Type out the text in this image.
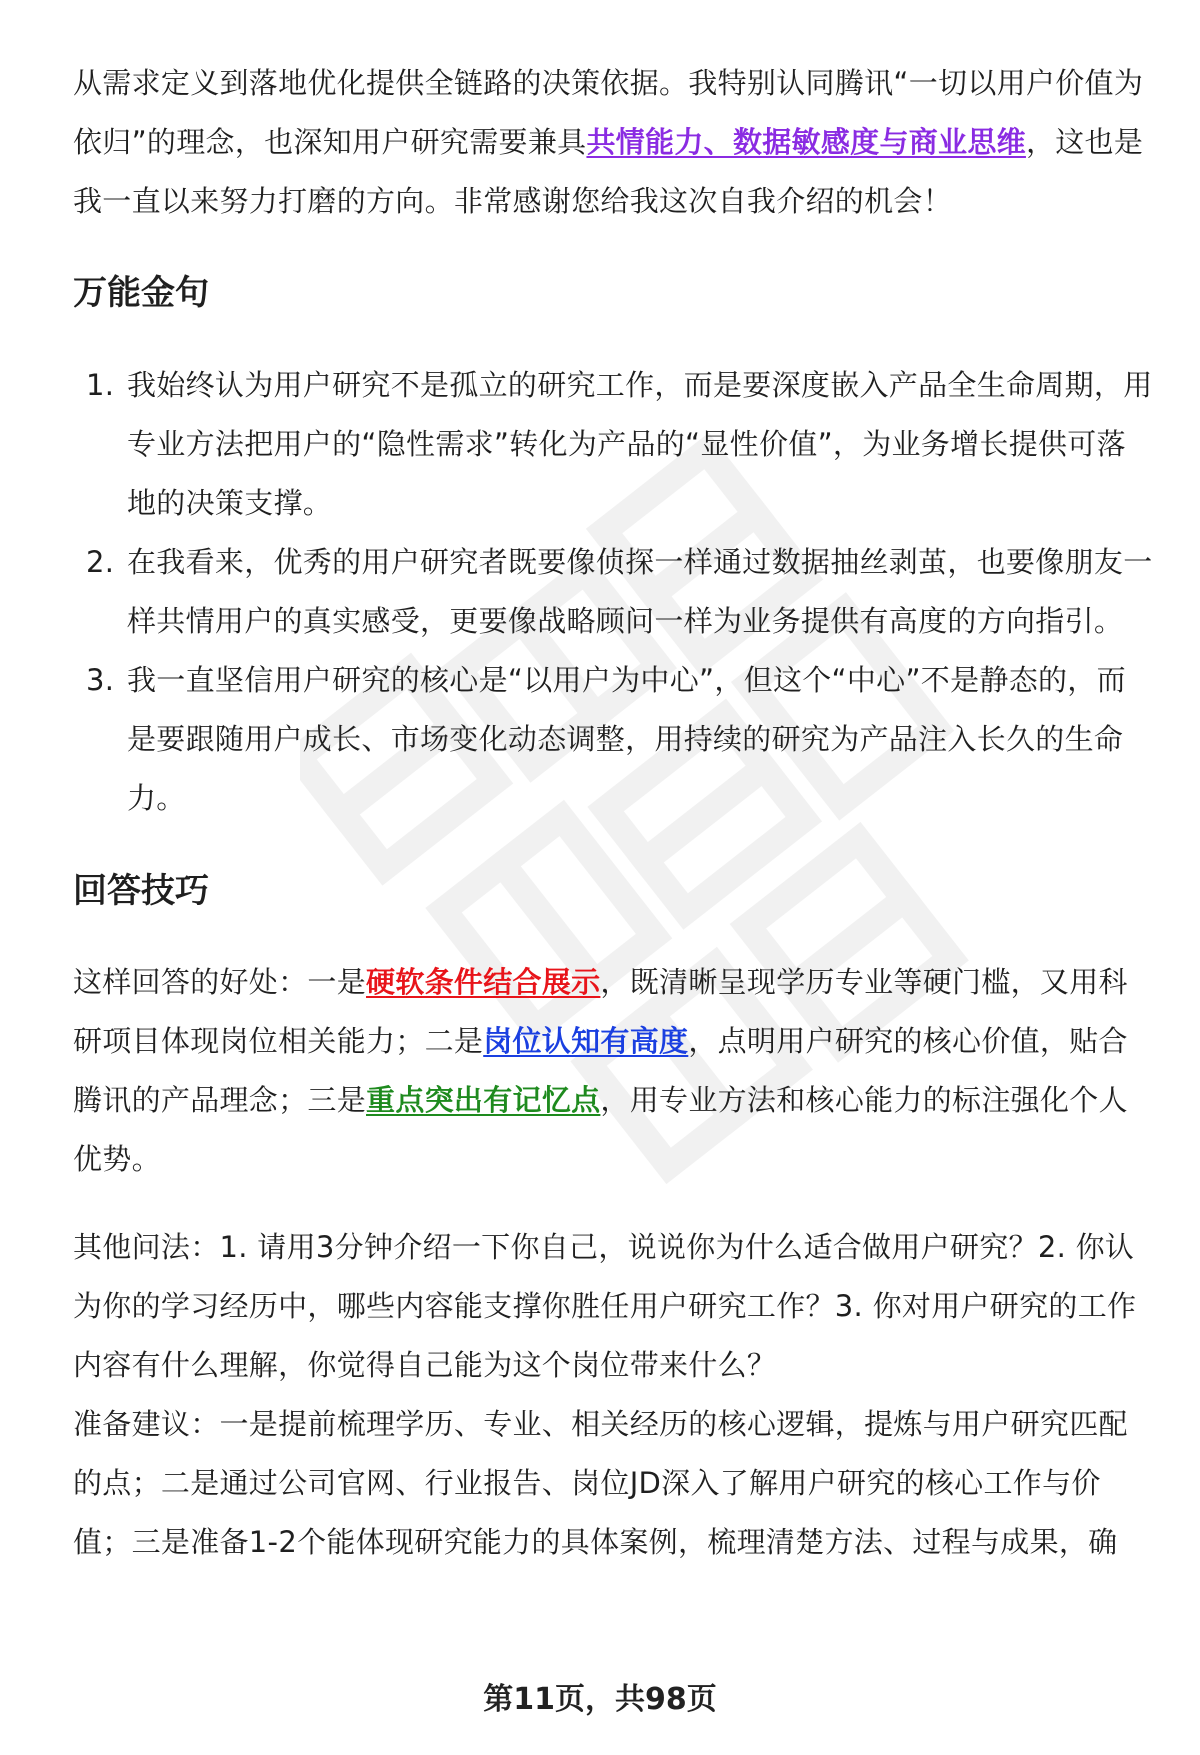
从需求定义到落地优化提供全链路的决策依据。我特别认同腾讯“一切以用户价值为依归”的理念，也深知用户研究需要兼具共情能力、数据敏感度与商业思维，这也是我一直以来努力打磨的方向。非常感谢您给我这次自我介绍的机会！

万能金句
1. 我始终认为用户研究不是孤立的研究工作，而是要深度嵌入产品全生命周期，用专业方法把用户的“隐性需求”转化为产品的“显性价值”，为业务增长提供可落地的决策支撑。
2. 在我看来，优秀的用户研究者既要像侦探一样通过数据抽丝剥茧，也要像朋友一样共情用户的真实感受，更要像战略顾问一样为业务提供有高度的方向指引。
3. 我一直坚信用户研究的核心是“以用户为中心”，但这个“中心”不是静态的，而是要跟随用户成长、市场变化动态调整，用持续的研究为产品注入长久的生命力。
回答技巧

这样回答的好处：一是硬软条件结合展示，既清晰呈现学历专业等硬门槛，又用科研项目体现岗位相关能力；二是岗位认知有高度，点明用户研究的核心价值，贴合腾讯的产品理念；三是重点突出有记忆点，用专业方法和核心能力的标注强化个人优势。

其他问法：1. 请用3分钟介绍一下你自己，说说你为什么适合做用户研究？2. 你认为你的学习经历中，哪些内容能支撑你胜任用户研究工作？3. 你对用户研究的工作内容有什么理解，你觉得自己能为这个岗位带来什么？

准备建议：一是提前梳理学历、专业、相关经历的核心逻辑，提炼与用户研究匹配的点；二是通过公司官网、行业报告、岗位JD深入了解用户研究的核心工作与价值；三是准备1-2个能体现研究能力的具体案例，梳理清楚方法、过程与成果，确

第11页，共98页
